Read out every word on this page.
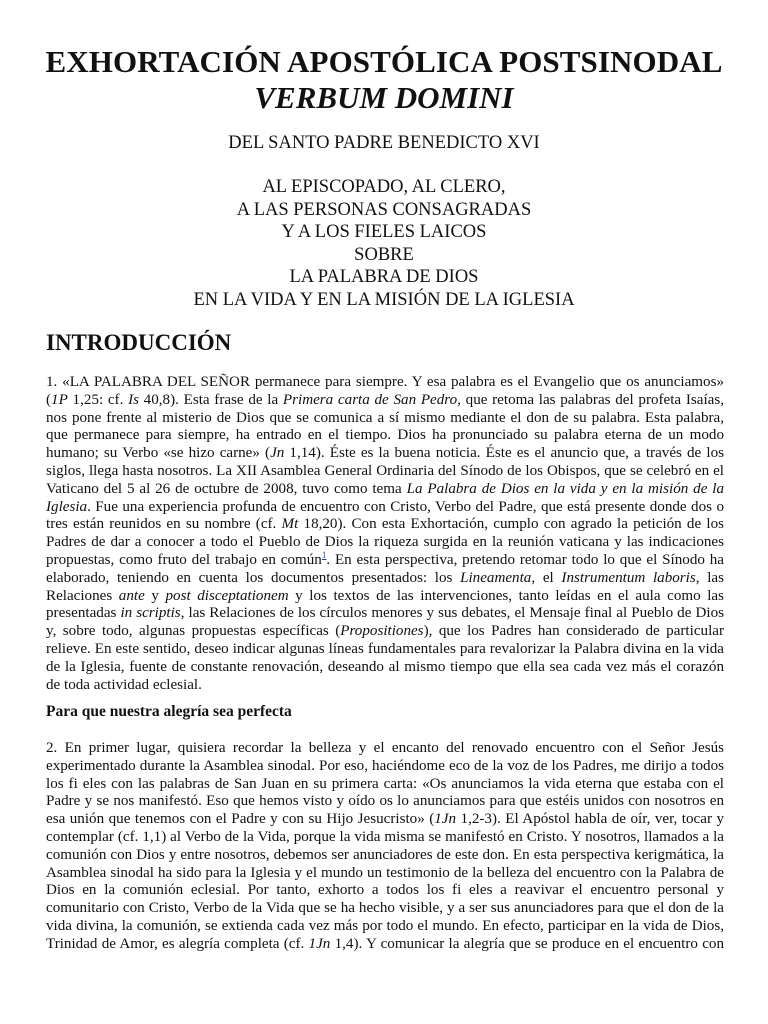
EXHORTACIÓN APOSTÓLICA POSTSINODAL
VERBUM DOMINI
DEL SANTO PADRE BENEDICTO XVI
AL EPISCOPADO, AL CLERO,
A LAS PERSONAS CONSAGRADAS
Y A LOS FIELES LAICOS
SOBRE
LA PALABRA DE DIOS
EN LA VIDA Y EN LA MISIÓN DE LA IGLESIA
INTRODUCCIÓN
1. «LA PALABRA DEL SEÑOR permanece para siempre. Y esa palabra es el Evangelio que os anunciamos»
(1P 1,25: cf. Is 40,8). Esta frase de la Primera carta de San Pedro, que retoma las palabras del profeta Isaías,
nos pone frente al misterio de Dios que se comunica a sí mismo mediante el don de su palabra. Esta palabra,
que permanece para siempre, ha entrado en el tiempo. Dios ha pronunciado su palabra eterna de un modo
humano; su Verbo «se hizo carne» (Jn 1,14). Éste es la buena noticia. Éste es el anuncio que, a través de los
siglos, llega hasta nosotros. La XII Asamblea General Ordinaria del Sínodo de los Obispos, que se celebró en el
Vaticano del 5 al 26 de octubre de 2008, tuvo como tema La Palabra de Dios en la vida y en la misión de la
Iglesia. Fue una experiencia profunda de encuentro con Cristo, Verbo del Padre, que está presente donde dos o
tres están reunidos en su nombre (cf. Mt 18,20). Con esta Exhortación, cumplo con agrado la petición de los
Padres de dar a conocer a todo el Pueblo de Dios la riqueza surgida en la reunión vaticana y las indicaciones
propuestas, como fruto del trabajo en común$^1$. En esta perspectiva, pretendo retomar todo lo que el Sínodo ha
elaborado, teniendo en cuenta los documentos presentados: los Lineamenta, el Instrumentum laboris, las
Relaciones ante y post disceptationem y los textos de las intervenciones, tanto leídas en el aula como las
presentadas in scriptis, las Relaciones de los círculos menores y sus debates, el Mensaje final al Pueblo de Dios
y, sobre todo, algunas propuestas específicas (Propositiones), que los Padres han considerado de particular
relieve. En este sentido, deseo indicar algunas líneas fundamentales para revalorizar la Palabra divina en la vida
de la Iglesia, fuente de constante renovación, deseando al mismo tiempo que ella sea cada vez más el corazón
de toda actividad eclesial.
Para que nuestra alegría sea perfecta
2. En primer lugar, quisiera recordar la belleza y el encanto del renovado encuentro con el Señor Jesús
experimentado durante la Asamblea sinodal. Por eso, haciéndome eco de la voz de los Padres, me dirijo a todos
los fi eles con las palabras de San Juan en su primera carta: «Os anunciamos la vida eterna que estaba con el
Padre y se nos manifestó. Eso que hemos visto y oído os lo anunciamos para que estéis unidos con nosotros en
esa unión que tenemos con el Padre y con su Hijo Jesucristo» (1Jn 1,2-3). El Apóstol habla de oír, ver, tocar y
contemplar (cf. 1,1) al Verbo de la Vida, porque la vida misma se manifestó en Cristo. Y nosotros, llamados a la
comunión con Dios y entre nosotros, debemos ser anunciadores de este don. En esta perspectiva kerigmática, la
Asamblea sinodal ha sido para la Iglesia y el mundo un testimonio de la belleza del encuentro con la Palabra de
Dios en la comunión eclesial. Por tanto, exhorto a todos los fi eles a reavivar el encuentro personal y
comunitario con Cristo, Verbo de la Vida que se ha hecho visible, y a ser sus anunciadores para que el don de la
vida divina, la comunión, se extienda cada vez más por todo el mundo. En efecto, participar en la vida de Dios,
Trinidad de Amor, es alegría completa (cf. 1Jn 1,4). Y comunicar la alegría que se produce en el encuentro con
